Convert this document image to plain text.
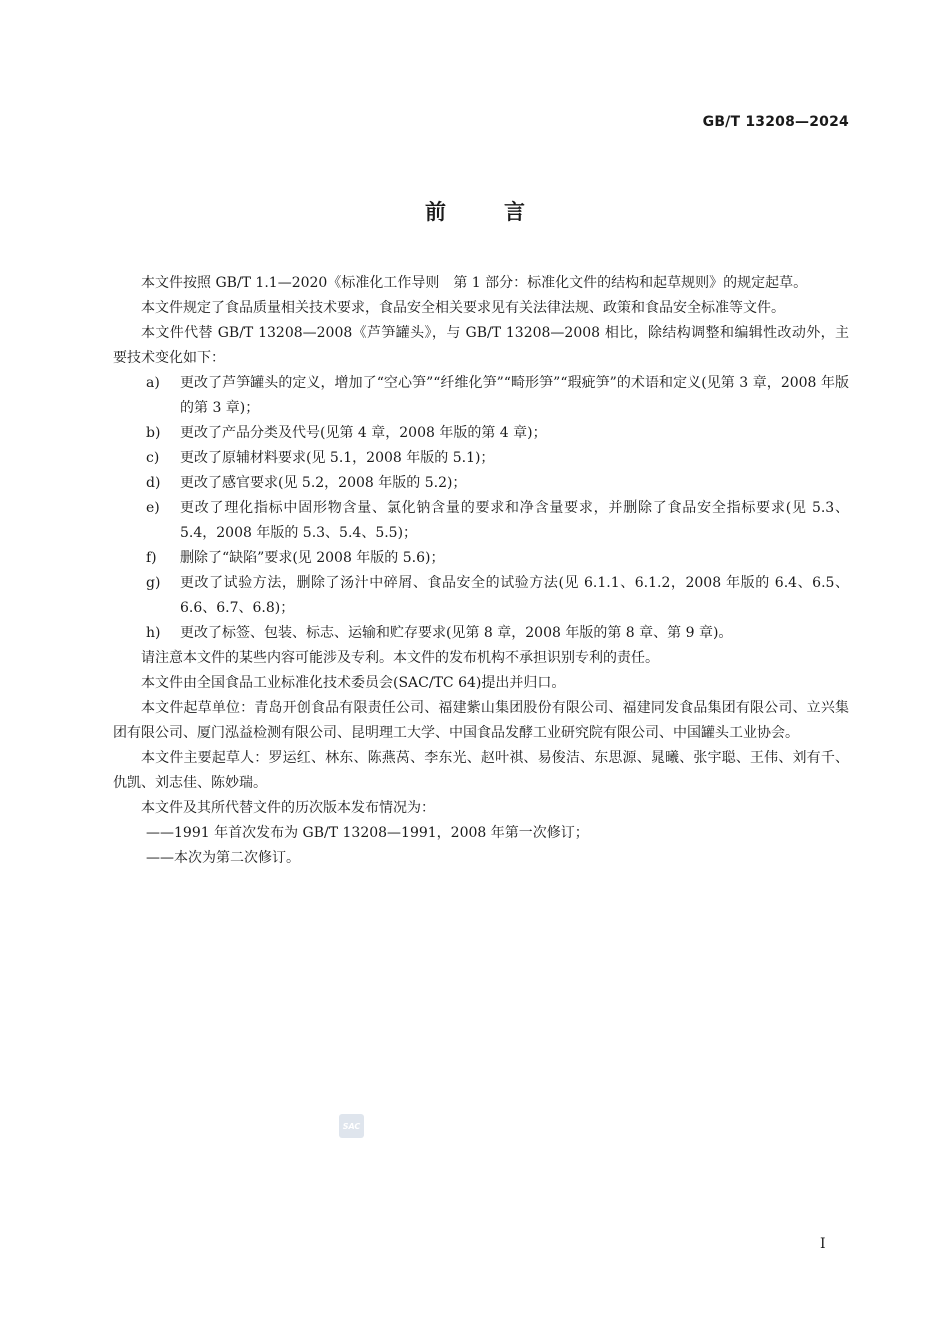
GB/T 13208—2024
前言

本文件按照 GB/T 1.1—2020《标准化工作导则　第 1 部分：标准化文件的结构和起草规则》的规定起草。

本文件规定了食品质量相关技术要求，食品安全相关要求见有关法律法规、政策和食品安全标准等文件。

本文件代替 GB/T 13208—2008《芦笋罐头》，与 GB/T 13208—2008 相比，除结构调整和编辑性改动外，主要技术变化如下：

a)	更改了芦笋罐头的定义，增加了“空心笋”“纤维化笋”“畸形笋”“瑕疵笋”的术语和定义(见第 3 章，2008 年版的第 3 章)；
b)	更改了产品分类及代号(见第 4 章，2008 年版的第 4 章)；
c)	更改了原辅材料要求(见 5.1，2008 年版的 5.1)；
d)	更改了感官要求(见 5.2，2008 年版的 5.2)；
e)	更改了理化指标中固形物含量、氯化钠含量的要求和净含量要求，并删除了食品安全指标要求(见 5.3、5.4，2008 年版的 5.3、5.4、5.5)；
f)	删除了“缺陷”要求(见 2008 年版的 5.6)；
g)	更改了试验方法，删除了汤汁中碎屑、食品安全的试验方法(见 6.1.1、6.1.2，2008 年版的 6.4、6.5、6.6、6.7、6.8)；
h)	更改了标签、包装、标志、运输和贮存要求(见第 8 章，2008 年版的第 8 章、第 9 章)。

请注意本文件的某些内容可能涉及专利。本文件的发布机构不承担识别专利的责任。

本文件由全国食品工业标准化技术委员会(SAC/TC 64)提出并归口。

本文件起草单位：青岛开创食品有限责任公司、福建紫山集团股份有限公司、福建同发食品集团有限公司、立兴集团有限公司、厦门泓益检测有限公司、昆明理工大学、中国食品发酵工业研究院有限公司、中国罐头工业协会。

本文件主要起草人：罗运红、林东、陈燕莴、李东光、赵叶祺、易俊洁、东思源、晁曦、张宇聪、王伟、刘有千、仇凯、刘志佳、陈妙瑞。

本文件及其所代替文件的历次版本发布情况为：

——1991 年首次发布为 GB/T 13208—1991，2008 年第一次修订；

——本次为第二次修订。

SAC
I
